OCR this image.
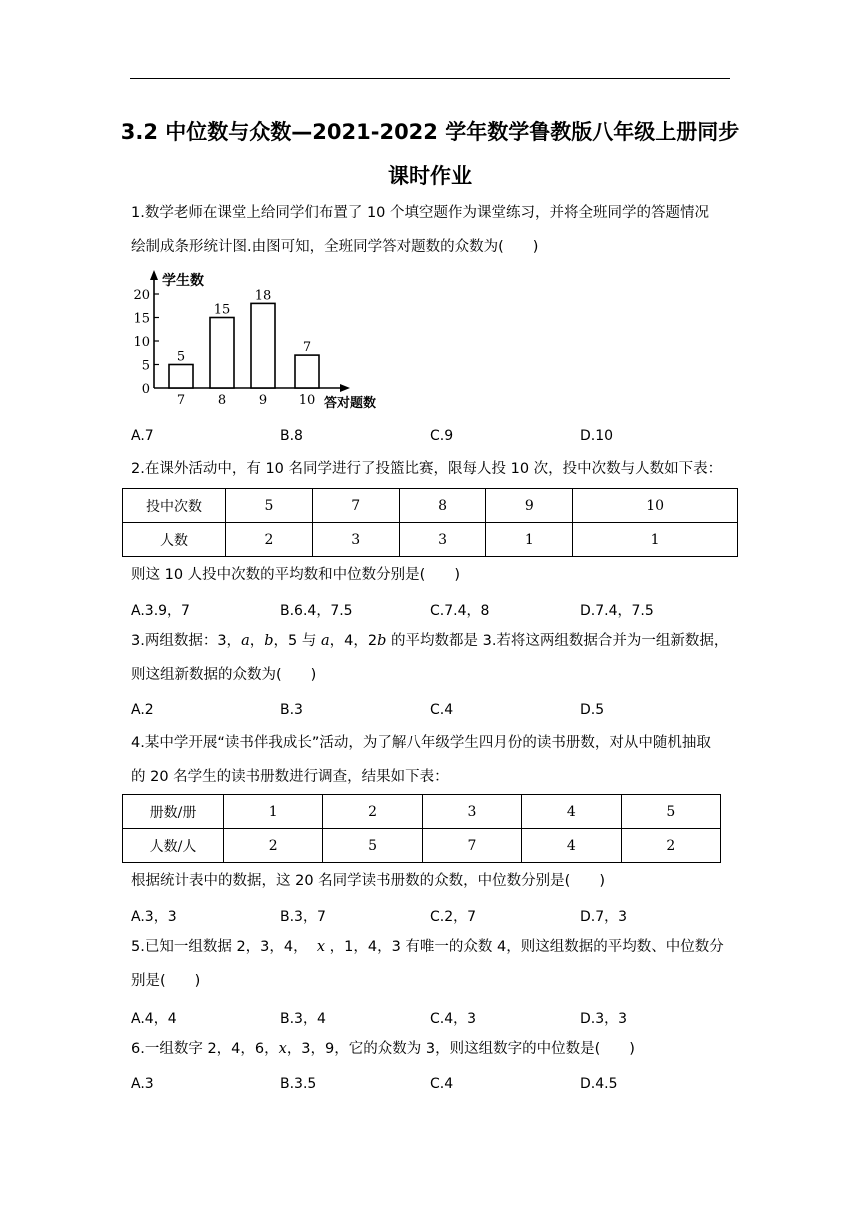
3.2 中位数与众数—2021-2022 学年数学鲁教版八年级上册同步
课时作业
1.数学老师在课堂上给同学们布置了 10 个填空题作为课堂练习，并将全班同学的答题情况
绘制成条形统计图.由图可知，全班同学答对题数的众数为(　　)
学生数
答对题数
0
5
10
15
20
5
7
15
8
18
9
7
10
A.7	B.8	C.9	D.10
2.在课外活动中，有 10 名同学进行了投篮比赛，限每人投 10 次，投中次数与人数如下表：
投中次数	5	7	8	9	10
人数	2	3	3	1	1
则这 10 人投中次数的平均数和中位数分别是(　　)
A.3.9，7	B.6.4，7.5	C.7.4，8	D.7.4，7.5
3.两组数据：3，a，b，5 与 a，4，2b 的平均数都是 3.若将这两组数据合并为一组新数据，
则这组新数据的众数为(　　)
A.2	B.3	C.4	D.5
4.某中学开展“读书伴我成长”活动，为了解八年级学生四月份的读书册数，对从中随机抽取
的 20 名学生的读书册数进行调查，结果如下表：
册数/册	1	2	3	4	5
人数/人	2	5	7	4	2
根据统计表中的数据，这 20 名同学读书册数的众数，中位数分别是(　　)
A.3，3	B.3，7	C.2，7	D.7，3
5.已知一组数据 2，3，4， x ，1，4，3 有唯一的众数 4，则这组数据的平均数、中位数分
别是(　　)
A.4，4	B.3，4	C.4，3	D.3，3
6.一组数字 2，4，6，x，3，9，它的众数为 3，则这组数字的中位数是(　　)
A.3	B.3.5	C.4	D.4.5
